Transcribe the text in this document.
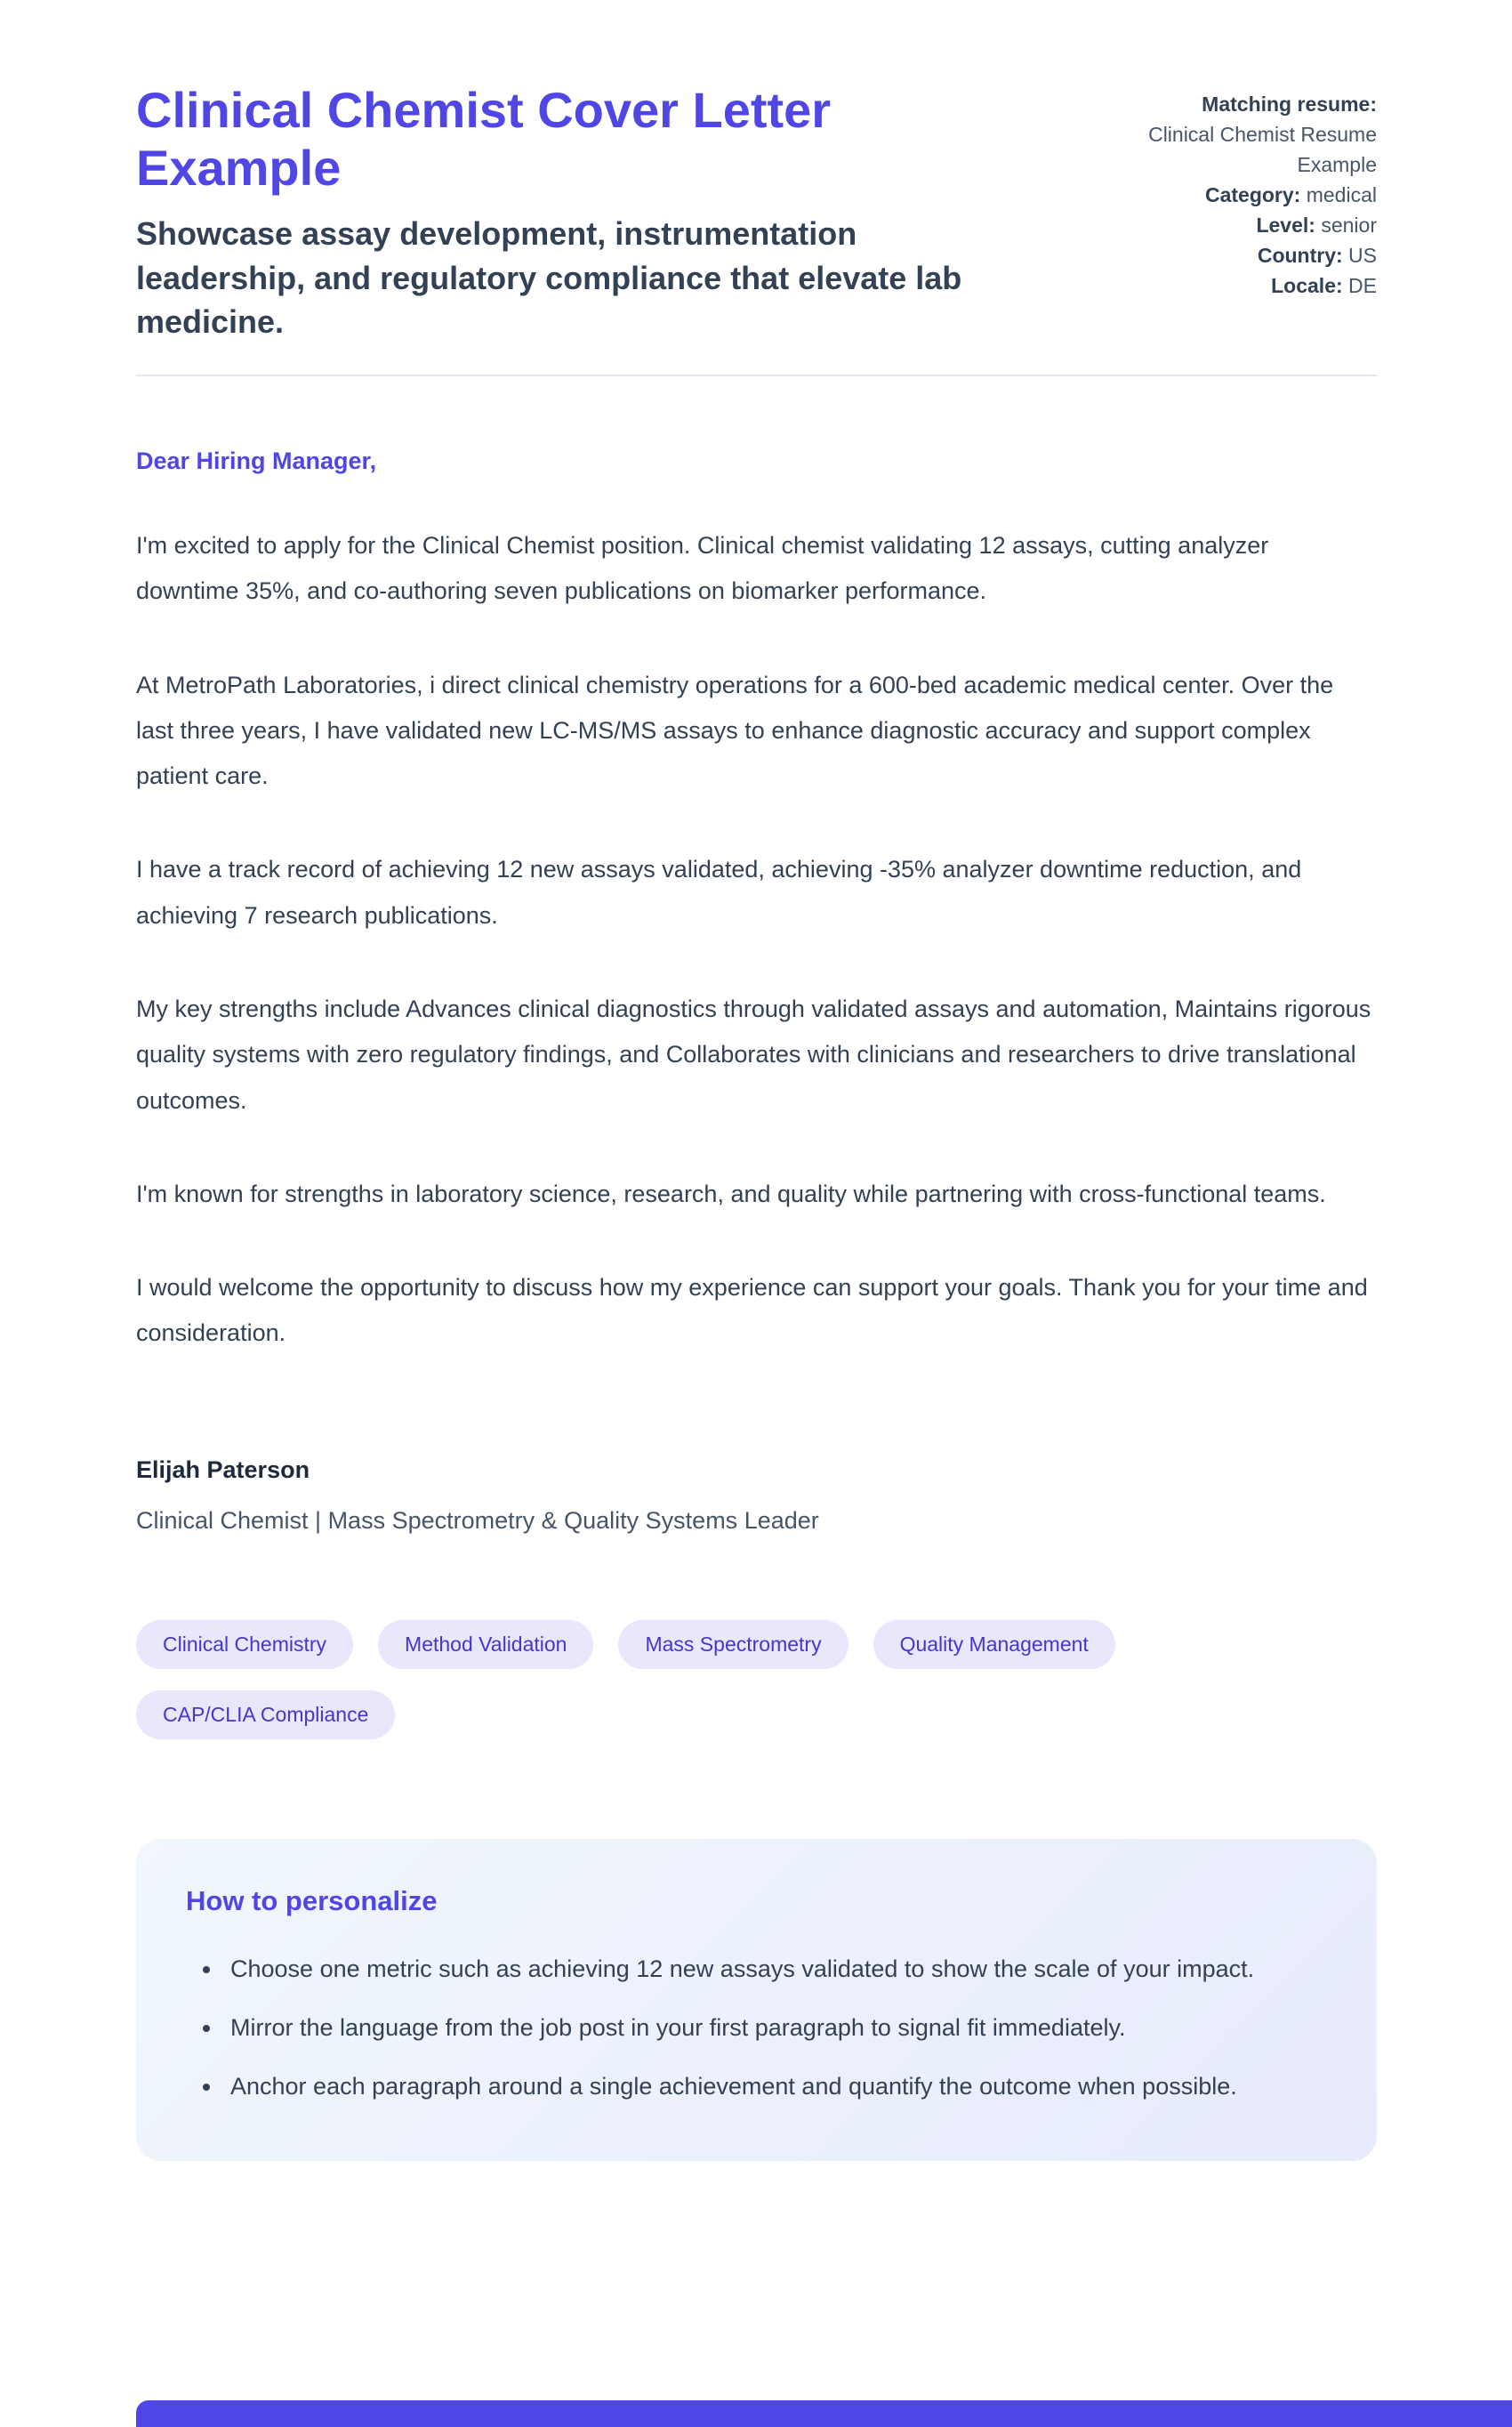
Clinical Chemist Cover Letter Example

Showcase assay development, instrumentation leadership, and regulatory compliance that elevate lab medicine.

Matching resume:
Clinical Chemist Resume Example
Category: medical
Level: senior
Country: US
Locale: DE

Dear Hiring Manager,

I'm excited to apply for the Clinical Chemist position. Clinical chemist validating 12 assays, cutting analyzer downtime 35%, and co-authoring seven publications on biomarker performance.

At MetroPath Laboratories, i direct clinical chemistry operations for a 600-bed academic medical center. Over the last three years, I have validated new LC-MS/MS assays to enhance diagnostic accuracy and support complex patient care.

I have a track record of achieving 12 new assays validated, achieving -35% analyzer downtime reduction, and achieving 7 research publications.

My key strengths include Advances clinical diagnostics through validated assays and automation, Maintains rigorous quality systems with zero regulatory findings, and Collaborates with clinicians and researchers to drive translational outcomes.

I'm known for strengths in laboratory science, research, and quality while partnering with cross-functional teams.

I would welcome the opportunity to discuss how my experience can support your goals. Thank you for your time and consideration.

Elijah Paterson

Clinical Chemist | Mass Spectrometry & Quality Systems Leader

Clinical Chemistry	Method Validation	Mass Spectrometry	Quality Management
CAP/CLIA Compliance
How to personalize
• Choose one metric such as achieving 12 new assays validated to show the scale of your impact.
• Mirror the language from the job post in your first paragraph to signal fit immediately.
• Anchor each paragraph around a single achievement and quantify the outcome when possible.
